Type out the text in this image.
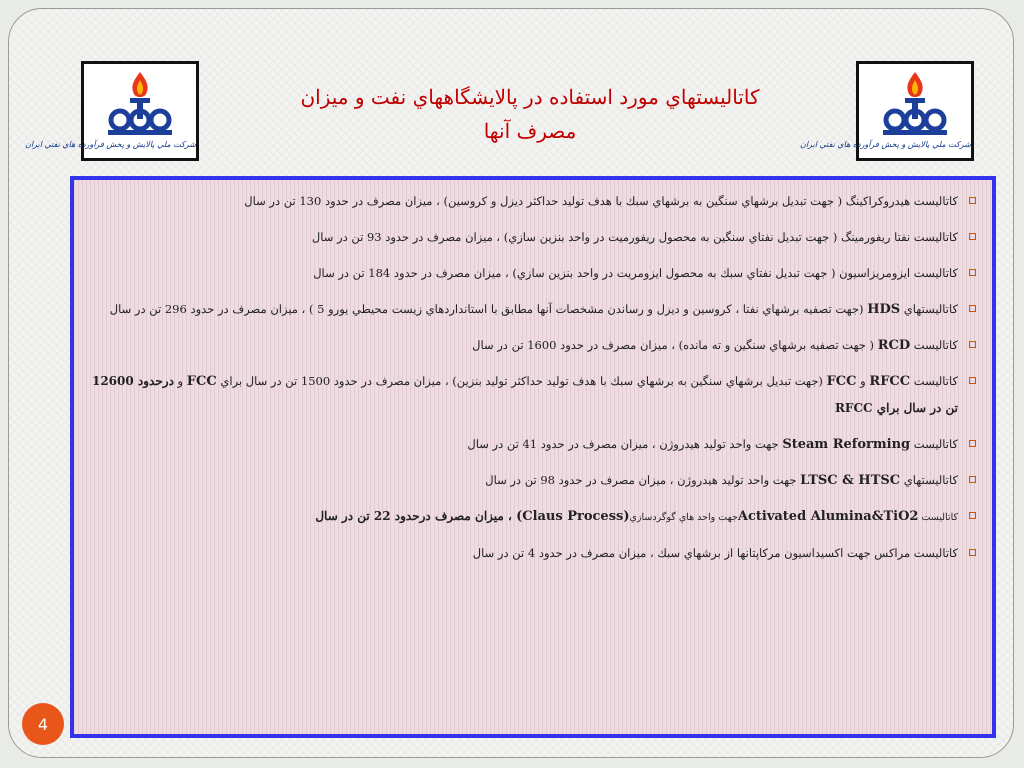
شركت ملي پالايش و پخش فرآورده هاي نفتي ايران	شركت ملي پالايش و پخش فرآورده هاي نفتي ايران
كاتاليستهاي مورد استفاده در پالايشگاههاي نفت و ميزان
مصرف آنها
كاتاليست هيدروكراكينگ ( جهت تبديل برشهاي سنگين به برشهاي سبك با هدف توليد حداكثر ديزل و كروسين) ، ميزان مصرف در حدود 130 تن در سال
كاتاليست نفتا ريفورمينگ ( جهت تبديل نفتاي سنگين به محصول ريفورميت در واحد بنزين سازي) ، ميزان مصرف در حدود 93 تن در سال
كاتاليست ايزومريزاسيون ( جهت تبديل نفتاي سبك به محصول ايزومريت در واحد بنزين سازي) ، ميزان مصرف در حدود 184 تن در سال
كاتاليستهاي HDS (جهت تصفيه برشهاي نفتا ، كروسين و ديزل و رساندن مشخصات آنها مطابق با استانداردهاي زيست محيطي يورو 5 ) ، ميزان مصرف در حدود 296 تن در سال
كاتاليست RCD ( جهت تصفيه برشهاي سنگين و ته مانده) ، ميزان مصرف در حدود 1600 تن در سال
كاتاليست RFCC و FCC (جهت تبديل برشهاي سنگين به برشهاي سبك با هدف توليد حداكثر توليد بنزين) ، ميزان مصرف در حدود 1500 تن در سال براي FCC و درحدود 12600 تن در سال براي RFCC
كاتاليست Steam Reforming جهت واحد توليد هيدروژن ، ميزان مصرف در حدود 41 تن در سال
كاتاليستهاي LTSC & HTSC جهت واحد توليد هيدروژن ، ميزان مصرف در حدود 98 تن در سال
كاتاليست Activated Alumina&TiO2جهت واحد هاي گوگردسازي(Claus Process) ، ميزان مصرف درحدود 22 تن در سال
كاتاليست مراكس جهت اكسيداسيون مركاپتانها از برشهاي سبك ، ميزان مصرف در حدود 4 تن در سال
4
